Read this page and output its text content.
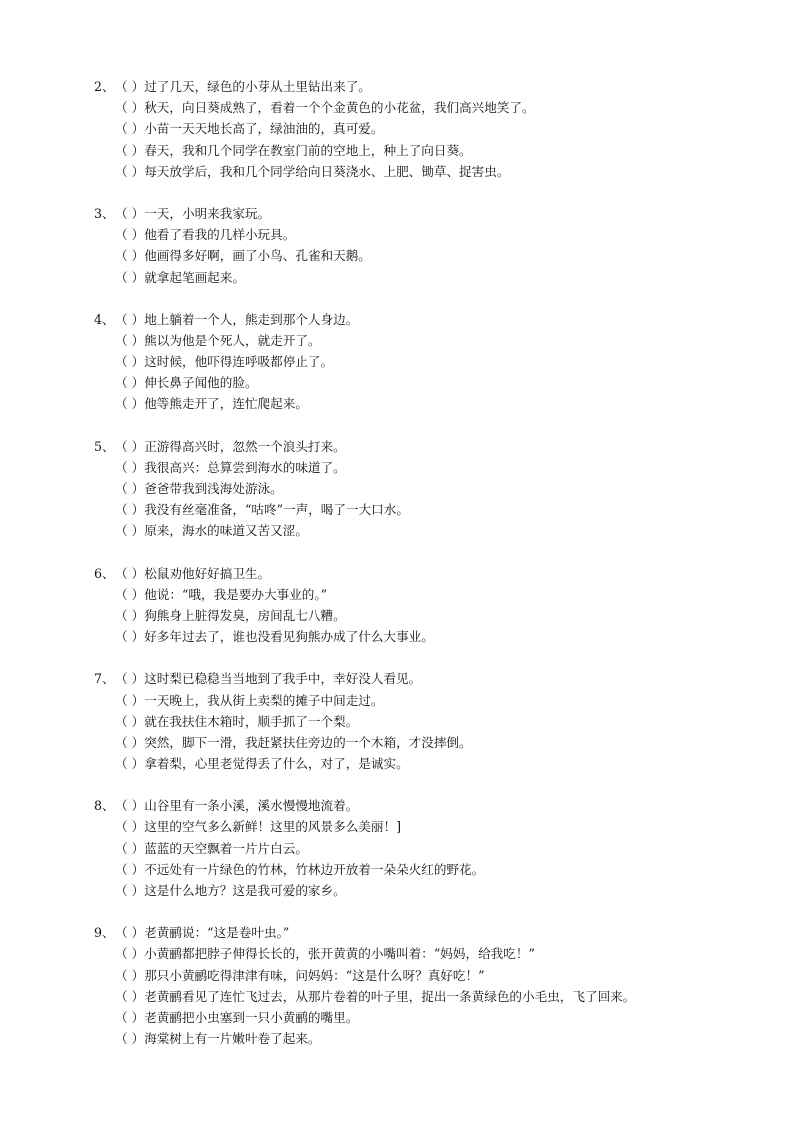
2、 （ ）过了几天，绿色的小芽从土里钻出来了。
（ ）秋天，向日葵成熟了，看着一个个金黄色的小花盆，我们高兴地笑了。
（ ）小苗一天天地长高了，绿油油的，真可爱。
（ ）春天，我和几个同学在教室门前的空地上，种上了向日葵。
（ ）每天放学后，我和几个同学给向日葵浇水、上肥、锄草、捉害虫。
3、 （ ）一天，小明来我家玩。
（ ）他看了看我的几样小玩具。
（ ）他画得多好啊，画了小鸟、孔雀和天鹅。
（ ）就拿起笔画起来。
4、 （ ）地上躺着一个人，熊走到那个人身边。
（ ）熊以为他是个死人，就走开了。
（ ）这时候，他吓得连呼吸都停止了。
（ ）伸长鼻子闻他的脸。
（ ）他等熊走开了，连忙爬起来。
5、 （ ）正游得高兴时，忽然一个浪头打来。
（ ）我很高兴：总算尝到海水的味道了。
（ ）爸爸带我到浅海处游泳。
（ ）我没有丝毫准备，“咕咚”一声，喝了一大口水。
（ ）原来，海水的味道又苦又涩。
6、 （ ）松鼠劝他好好搞卫生。
（ ）他说：“哦，我是要办大事业的。”
（ ）狗熊身上脏得发臭，房间乱七八糟。
（ ）好多年过去了，谁也没看见狗熊办成了什么大事业。
7、 （ ）这时梨已稳稳当当地到了我手中，幸好没人看见。
（ ）一天晚上，我从街上卖梨的摊子中间走过。
（ ）就在我扶住木箱时，顺手抓了一个梨。
（ ）突然，脚下一滑，我赶紧扶住旁边的一个木箱，才没摔倒。
（ ）拿着梨，心里老觉得丢了什么，对了，是诚实。
8、 （ ）山谷里有一条小溪，溪水慢慢地流着。
（ ）这里的空气多么新鲜！这里的风景多么美丽！]
（ ）蓝蓝的天空飘着一片片白云。
（ ）不远处有一片绿色的竹林，竹林边开放着一朵朵火红的野花。
（ ）这是什么地方？这是我可爱的家乡。
9、 （ ）老黄鹂说：“这是卷叶虫。”
（ ）小黄鹂都把脖子伸得长长的，张开黄黄的小嘴叫着：“妈妈，给我吃！”
（ ）那只小黄鹂吃得津津有味，问妈妈：“这是什么呀？真好吃！”
（ ）老黄鹂看见了连忙飞过去，从那片卷着的叶子里，捉出一条黄绿色的小毛虫，飞了回来。
（ ）老黄鹂把小虫塞到一只小黄鹂的嘴里。
（ ）海棠树上有一片嫩叶卷了起来。
